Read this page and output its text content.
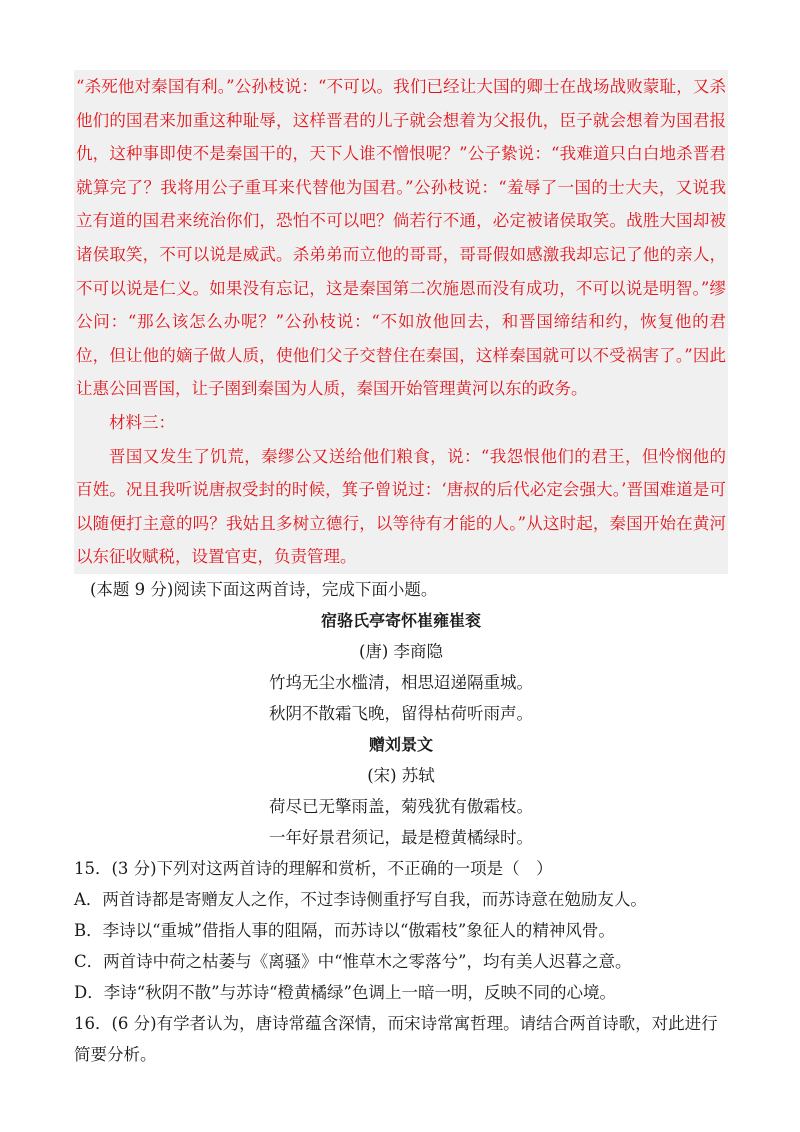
“杀死他对秦国有利。”公孙枝说：“不可以。我们已经让大国的卿士在战场战败蒙耻，又杀他们的国君来加重这种耻辱，这样晋君的儿子就会想着为父报仇，臣子就会想着为国君报仇，这种事即使不是秦国干的，天下人谁不憎恨呢？”公子絷说：“我难道只白白地杀晋君就算完了？我将用公子重耳来代替他为国君。”公孙枝说：“羞辱了一国的士大夫，又说我立有道的国君来统治你们，恐怕不可以吧？倘若行不通，必定被诸侯取笑。战胜大国却被诸侯取笑，不可以说是威武。杀弟弟而立他的哥哥，哥哥假如感激我却忘记了他的亲人，不可以说是仁义。如果没有忘记，这是秦国第二次施恩而没有成功，不可以说是明智。”缪公问：“那么该怎么办呢？”公孙枝说：“不如放他回去，和晋国缔结和约，恢复他的君位，但让他的嫡子做人质，使他们父子交替住在秦国，这样秦国就可以不受祸害了。”因此让惠公回晋国，让子圉到秦国为人质，秦国开始管理黄河以东的政务。

材料三：

晋国又发生了饥荒，秦缪公又送给他们粮食，说：“我怨恨他们的君王，但怜悯他的百姓。况且我听说唐叔受封的时候，箕子曾说过：‘唐叔的后代必定会强大。’晋国难道是可以随便打主意的吗？我姑且多树立德行，以等待有才能的人。”从这时起，秦国开始在黄河以东征收赋税，设置官吏，负责管理。

(本题 9 分)阅读下面这两首诗，完成下面小题。
宿骆氏亭寄怀崔雍崔衮
(唐) 李商隐
竹坞无尘水槛清，相思迢递隔重城。
秋阴不散霜飞晚，留得枯荷听雨声。
赠刘景文
(宋) 苏轼
荷尽已无擎雨盖，菊残犹有傲霜枝。
一年好景君须记，最是橙黄橘绿时。

15．(3 分)下列对这两首诗的理解和赏析，不正确的一项是（　）

A．两首诗都是寄赠友人之作，不过李诗侧重抒写自我，而苏诗意在勉励友人。

B．李诗以“重城”借指人事的阻隔，而苏诗以“傲霜枝”象征人的精神风骨。

C．两首诗中荷之枯萎与《离骚》中“惟草木之零落兮”，均有美人迟暮之意。

D．李诗“秋阴不散”与苏诗“橙黄橘绿”色调上一暗一明，反映不同的心境。

16．(6 分)有学者认为，唐诗常蕴含深情，而宋诗常寓哲理。请结合两首诗歌，对此进行简要分析。
